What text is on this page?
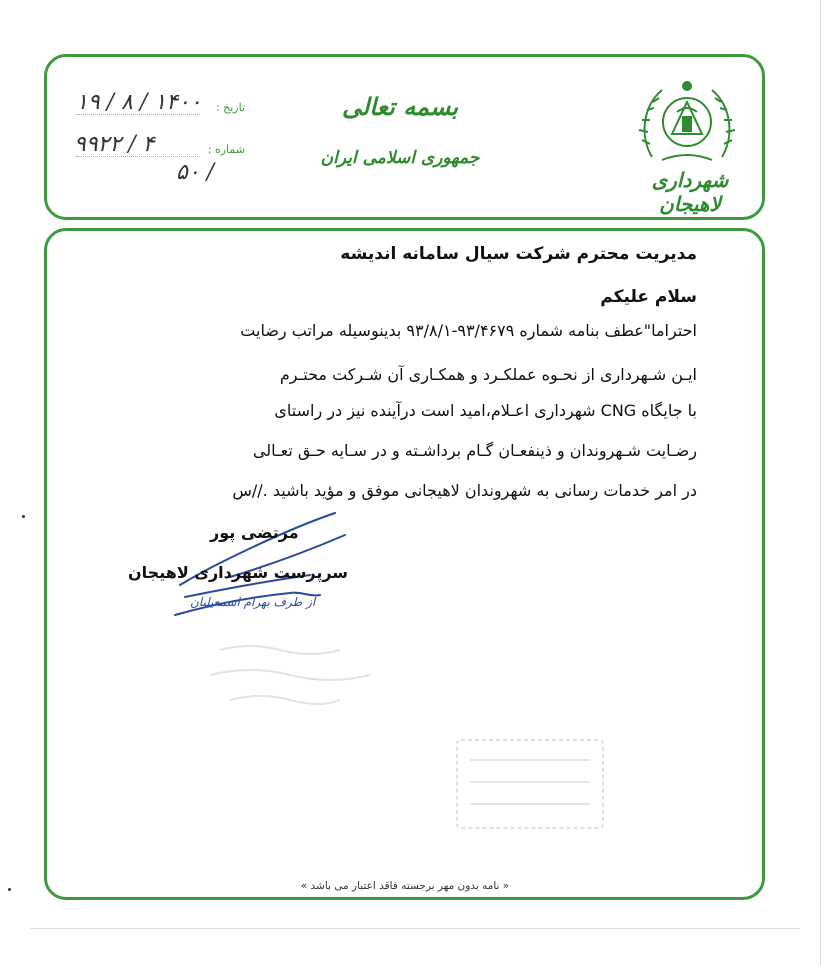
شهرداری لاهیجان
بسمه تعالی
جمهوری اسلامی ایران
تاریخ :
شماره :
۱۹ / ۸ / ۱۴۰۰
۹۹۲۲ / ۴
۵۰ /
مدیریت محترم شرکت سیال سامانه اندیشه
سلام علیکم
احتراما"عطف بنامه شماره ۹۳/۴۶۷۹-۹۳/۸/۱ بدینوسیله مراتب رضایت
ایـن شـهرداری از نحـوه عملکـرد و همکـاری آن شـرکت محتـرم
با جایگاه CNG شهرداری اعـلام،امید است درآینده نیز در راستای
رضـایت شـهروندان و ذینفعـان گـام برداشـته و در سـایه حـق تعـالی
در امر خدمات رسانی به شهروندان لاهیجانی موفق و مؤید باشید .//س
مرتضی پور
سرپرست شهرداری لاهیجان
از طرف بهرام اسمعیلیان
« نامه بدون مهر برجسته فاقد اعتبار می باشد »
